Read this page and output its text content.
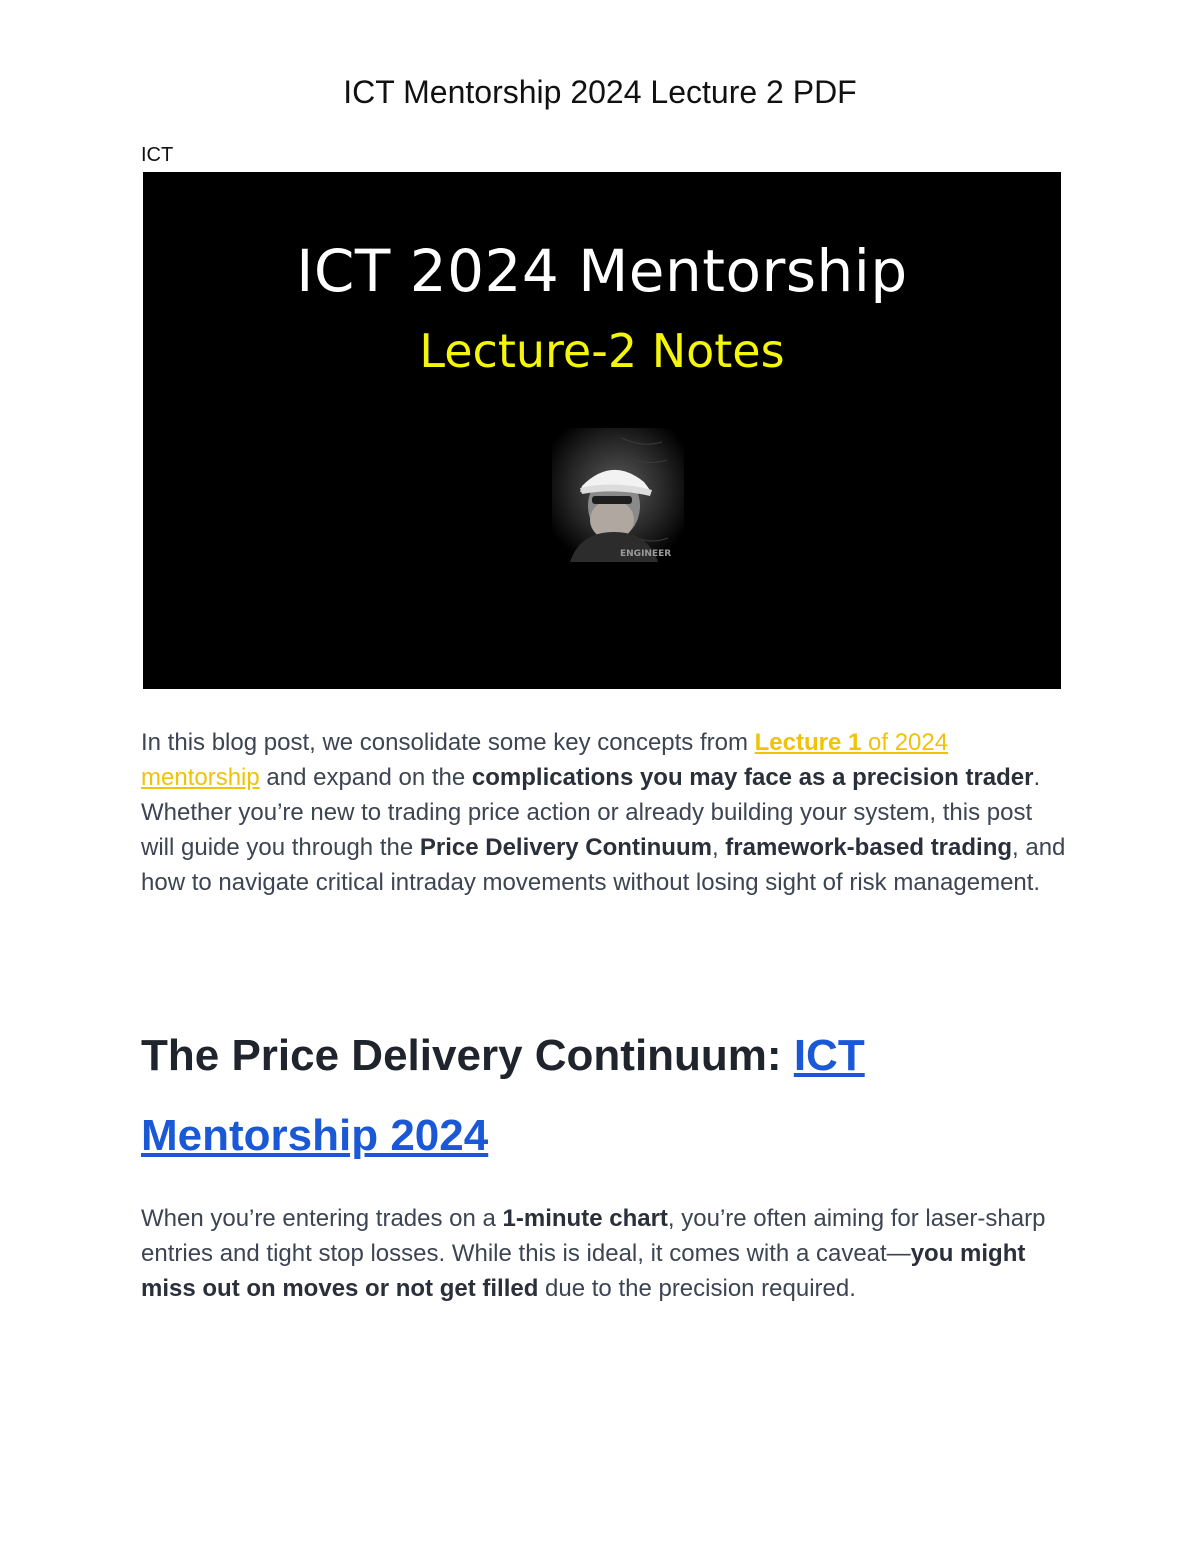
ICT Mentorship 2024 Lecture 2 PDF
ICT
ICT 2024 Mentorship
Lecture-2 Notes
ENGINEER

In this blog post, we consolidate some key concepts from Lecture 1 of 2024 mentorship and expand on the complications you may face as a precision trader. Whether you’re new to trading price action or already building your system, this post will guide you through the Price Delivery Continuum, framework-based trading, and how to navigate critical intraday movements without losing sight of risk management.

The Price Delivery Continuum: ICT Mentorship 2024

When you’re entering trades on a 1-minute chart, you’re often aiming for laser-sharp entries and tight stop losses. While this is ideal, it comes with a caveat—you might miss out on moves or not get filled due to the precision required.
